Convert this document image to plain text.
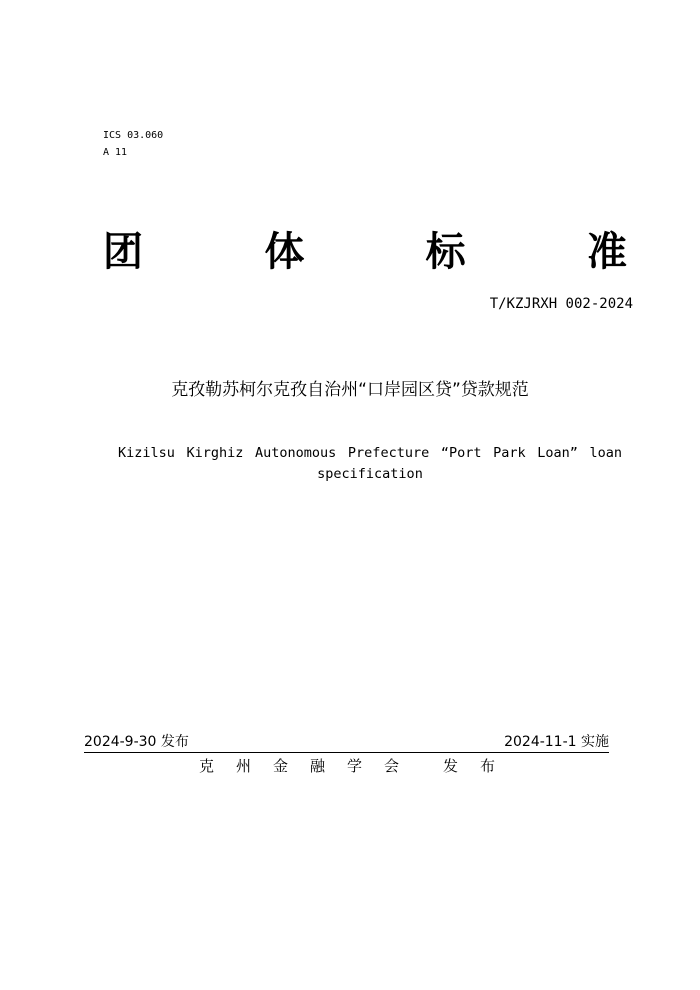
ICS 03.060
A 11
团	体	标	准
T/KZJRXH 002-2024
克孜勒苏柯尔克孜自治州“口岸园区贷”贷款规范
Kizilsu Kirghiz Autonomous Prefecture “Port Park Loan” loan
specification
2024-9-30 发布	2024-11-1 实施
克 州 金 融 学 会	发 布
